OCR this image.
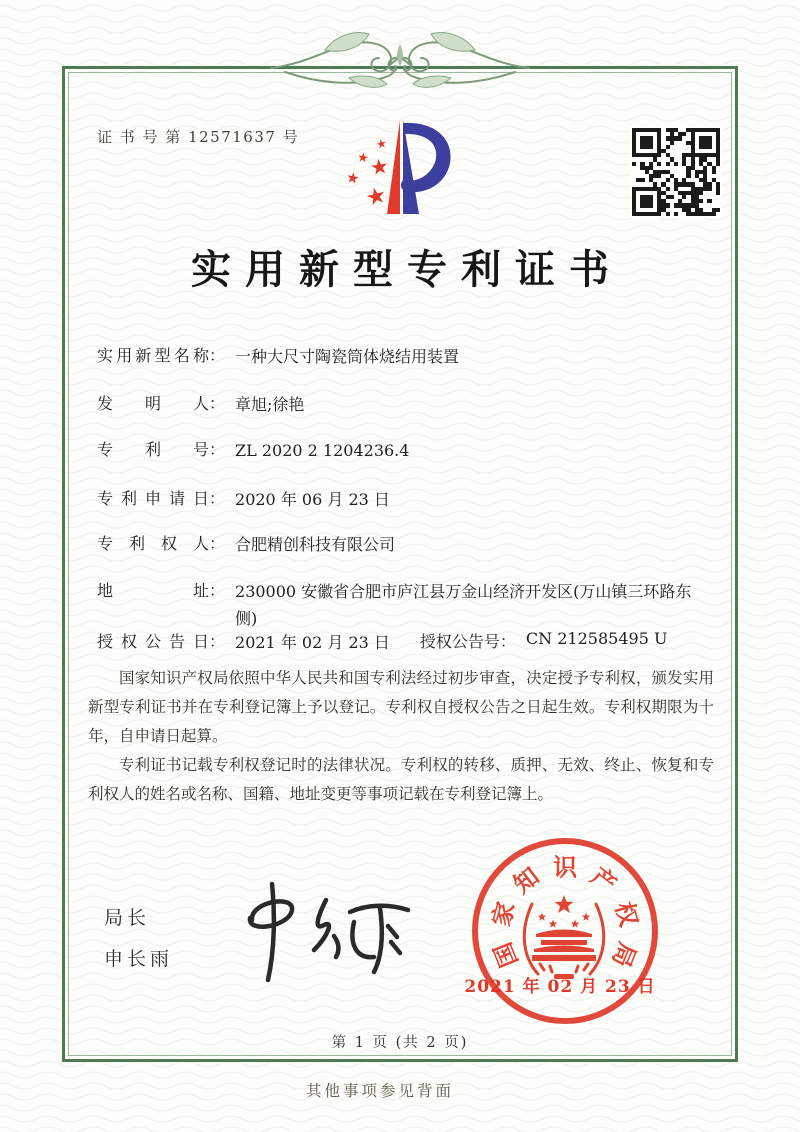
证 书 号 第 12571637 号	★
★
★
★
★
实用新型专利证书
实用新型名称 ： 一种大尺寸陶瓷筒体烧结用装置
发明人 ： 章旭;徐艳
专利号 ： ZL 2020 2 1204236.4
专利申请日 ： 2020 年 06 月 23 日
专利权人 ： 合肥精创科技有限公司
地址 ： 230000 安徽省合肥市庐江县万金山经济开发区(万山镇三环路东侧)
授权公告日 ： 2021 年 02 月 23 日 授权公告号 ： CN 212585495 U

国家知识产权局依照中华人民共和国专利法经过初步审查，决定授予专利权，颁发实用新型专利证书并在专利登记簿上予以登记。专利权自授权公告之日起生效。专利权期限为十年，自申请日起算。

专利证书记载专利权登记时的法律状况。专利权的转移、质押、无效、终止、恢复和专利权人的姓名或名称、国籍、地址变更等事项记载在专利登记簿上。

局长
申长雨	国
家
知 识 产
权
局
2021 年 02 月 23 日
第 1 页 (共 2 页)
其他事项参见背面
